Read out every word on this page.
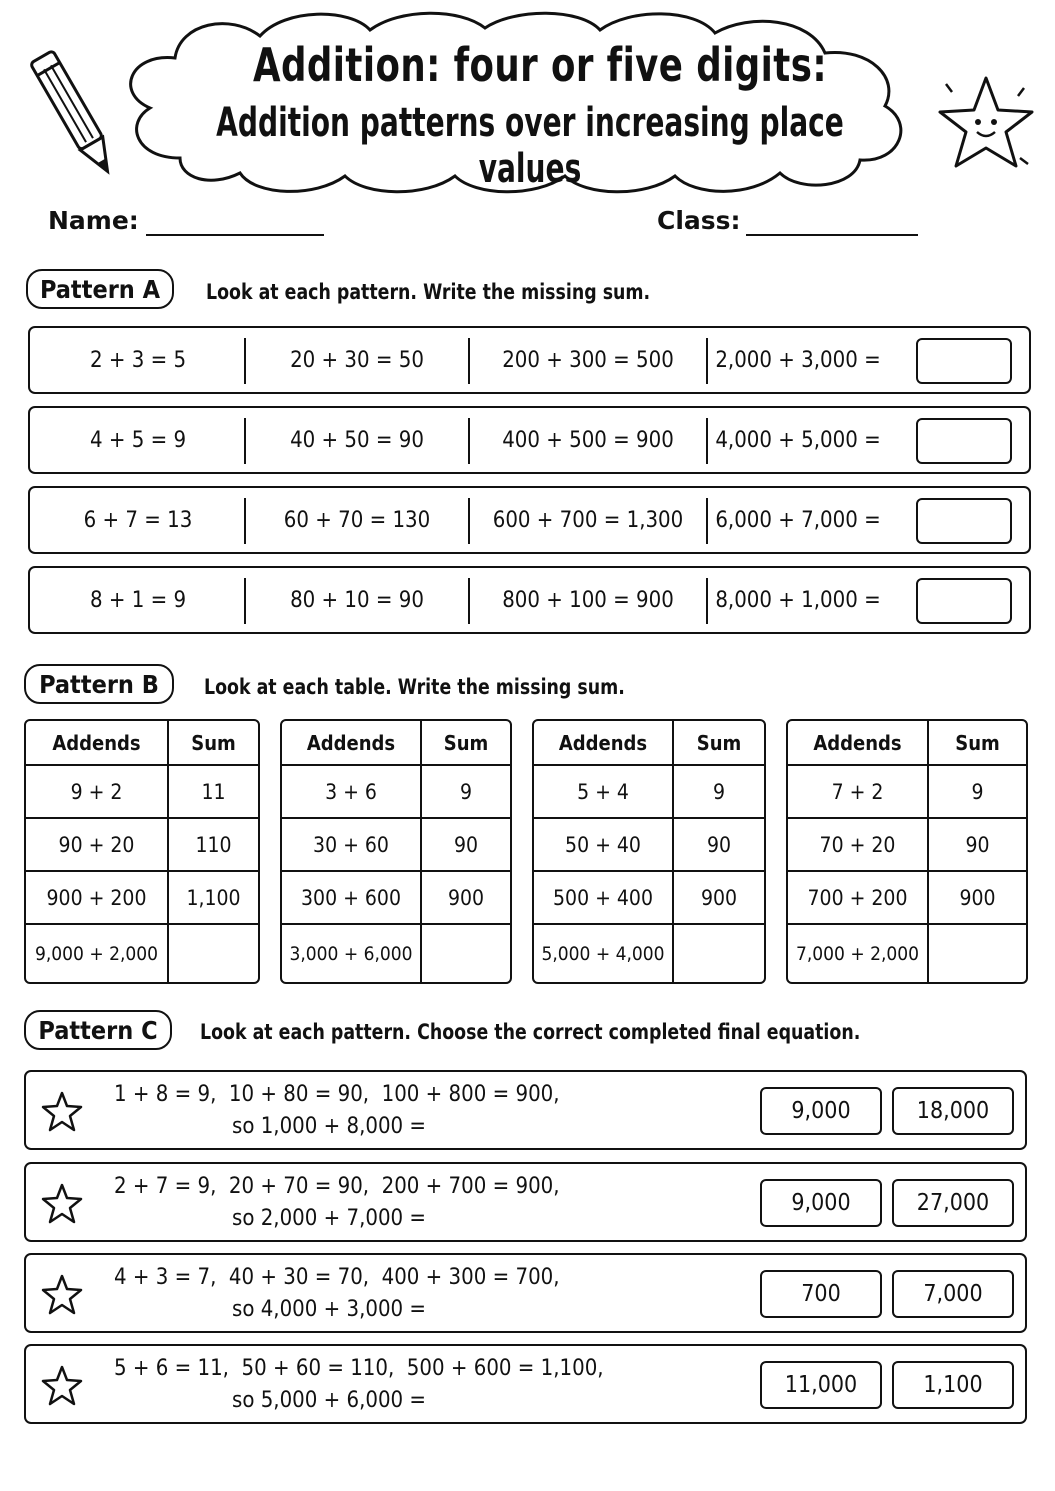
Addition: four or five digits:
Addition patterns over increasing place values
Name:	Class:
Pattern A	Look at each pattern. Write the missing sum.
2 + 3 = 5	20 + 30 = 50	200 + 300 = 500	2,000 + 3,000 =
4 + 5 = 9	40 + 50 = 90	400 + 500 = 900	4,000 + 5,000 =
6 + 7 = 13	60 + 70 = 130	600 + 700 = 1,300	6,000 + 7,000 =
8 + 1 = 9	80 + 10 = 90	800 + 100 = 900	8,000 + 1,000 =
Pattern B	Look at each table. Write the missing sum.
Addends	Sum
9 + 2	11
90 + 20	110
900 + 200	1,100
9,000 + 2,000	
Addends	Sum
3 + 6	9
30 + 60	90
300 + 600	900
3,000 + 6,000	
Addends	Sum
5 + 4	9
50 + 40	90
500 + 400	900
5,000 + 4,000	
Addends	Sum
7 + 2	9
70 + 20	90
700 + 200	900
7,000 + 2,000	
Pattern C	Look at each pattern. Choose the correct completed final equation.
1 + 8 = 9,  10 + 80 = 90,  100 + 800 = 900,
so 1,000 + 8,000 =
9,000	18,000
2 + 7 = 9,  20 + 70 = 90,  200 + 700 = 900,
so 2,000 + 7,000 =
9,000	27,000
4 + 3 = 7,  40 + 30 = 70,  400 + 300 = 700,
so 4,000 + 3,000 =
700	7,000
5 + 6 = 11,  50 + 60 = 110,  500 + 600 = 1,100,
so 5,000 + 6,000 =
11,000	1,100
